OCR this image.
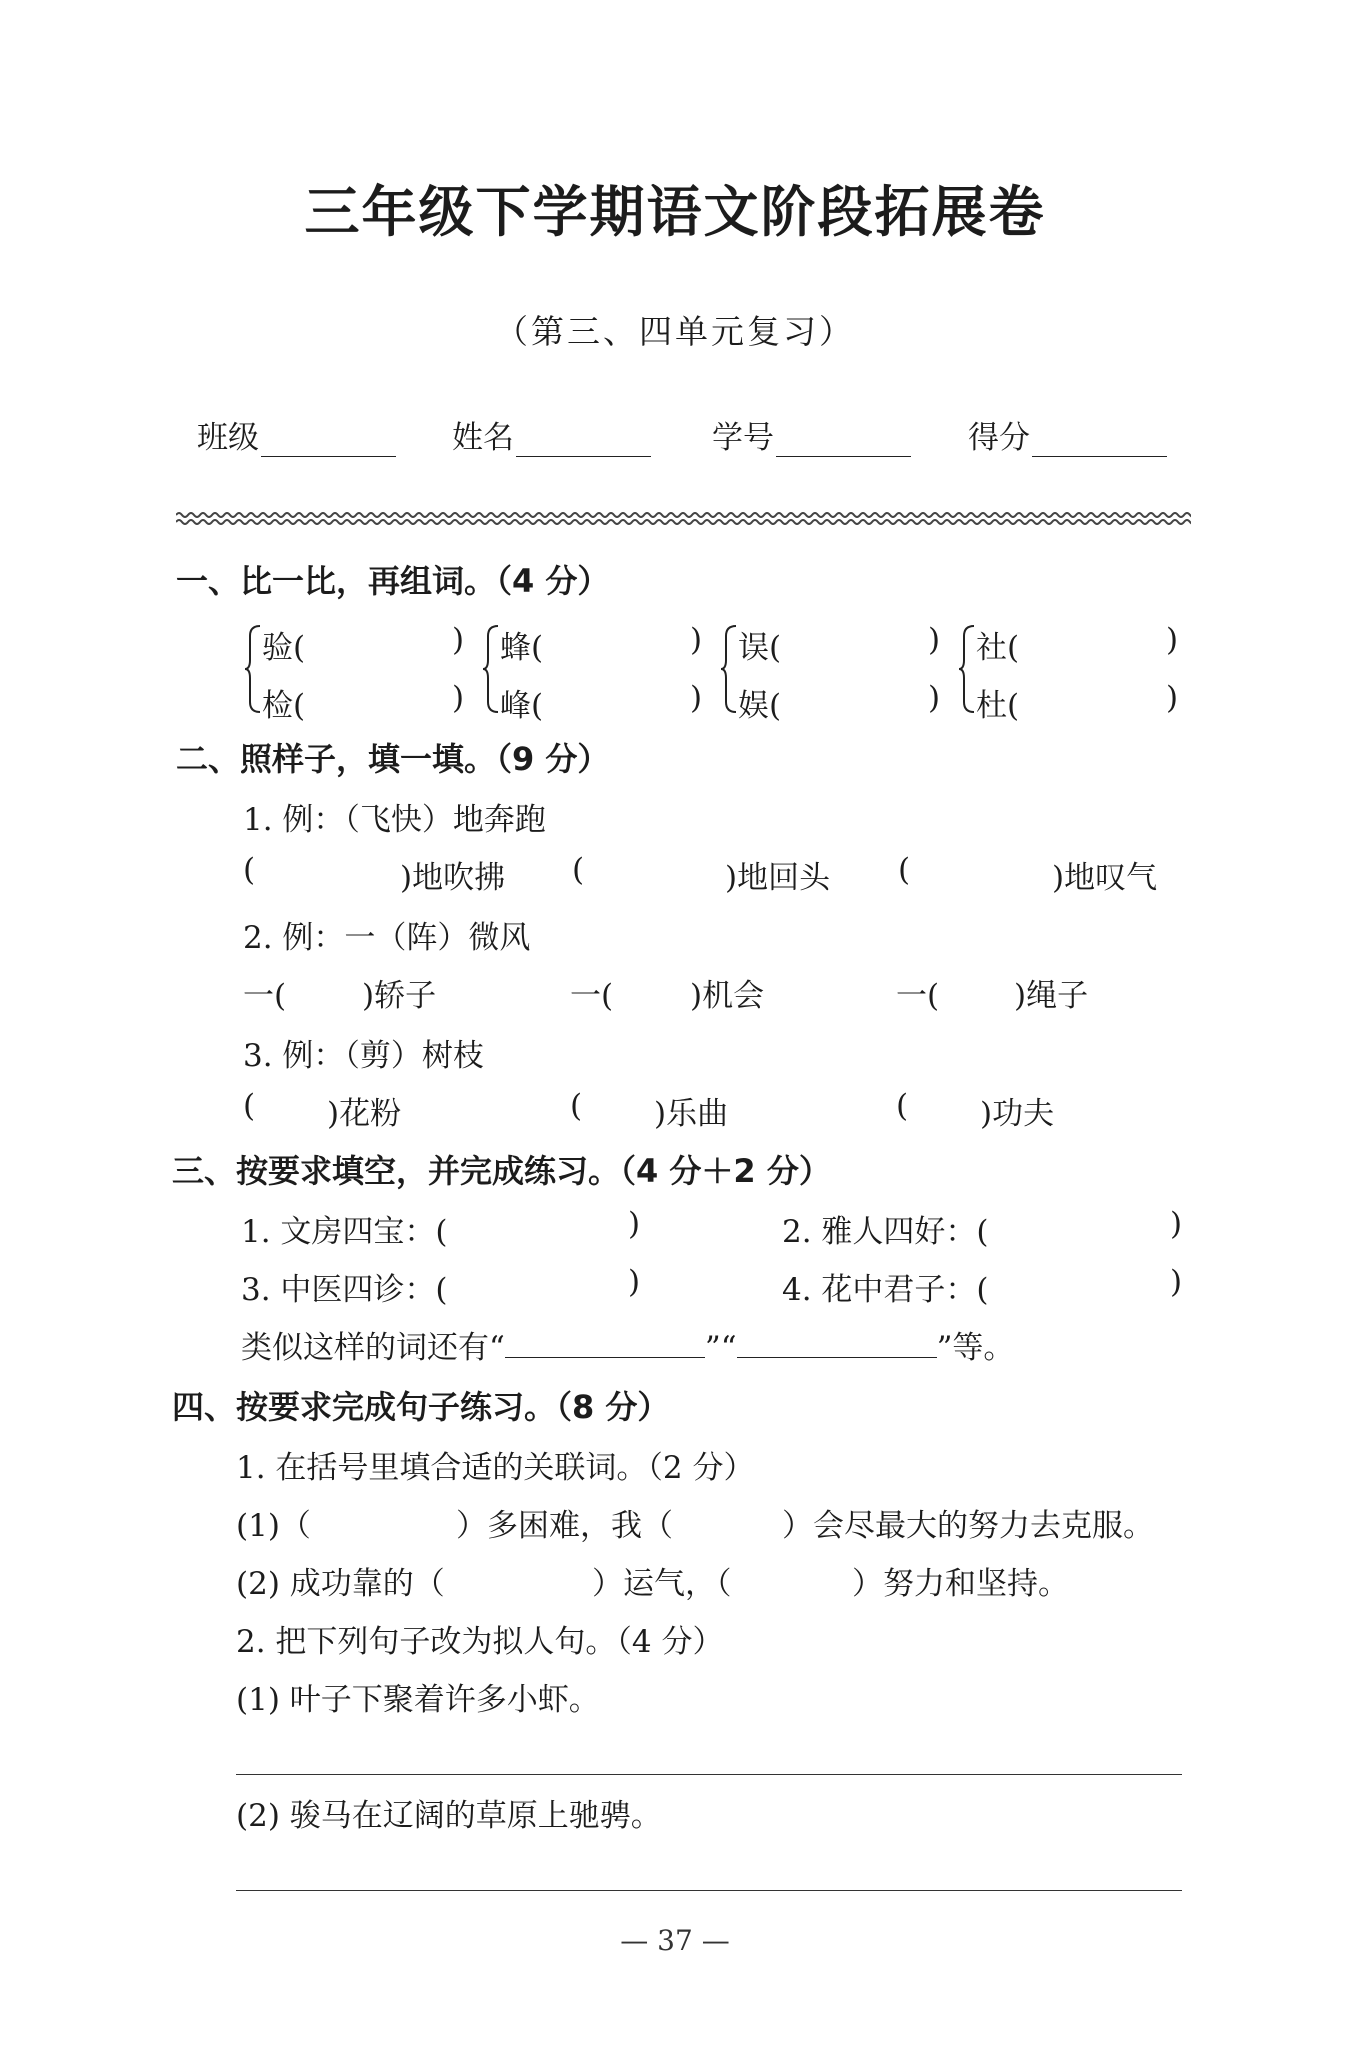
三年级下学期语文阶段拓展卷
（第三、四单元复习）
班级	姓名	学号	得分
一、比一比，再组词。（4 分）
验(	)
检(	)
蜂(	)
峰(	)
误(	)
娱(	)
社(	)
杜(	)
二、照样子，填一填。（9 分）
1. 例：（飞快）地奔跑
(	)地吹拂 (	)地回头 (	)地叹气
2. 例：一（阵）微风
一( )轿子	一( )机会	一( )绳子
3. 例：（剪）树枝
( )花粉	( )乐曲	( )功夫
三、按要求填空，并完成练习。（4 分＋2 分）
1. 文房四宝：(	)	2. 雅人四好：(	)
3. 中医四诊：(	)	4. 花中君子：(	)
类似这样的词还有“	”“	”等。
四、按要求完成句子练习。（8 分）
1. 在括号里填合适的关联词。（2 分）
(1)（	）多困难，我（	）会尽最大的努力去克服。
(2) 成功靠的（	）运气，（	）努力和坚持。
2. 把下列句子改为拟人句。（4 分）
(1) 叶子下聚着许多小虾。
(2) 骏马在辽阔的草原上驰骋。
— 37 —
